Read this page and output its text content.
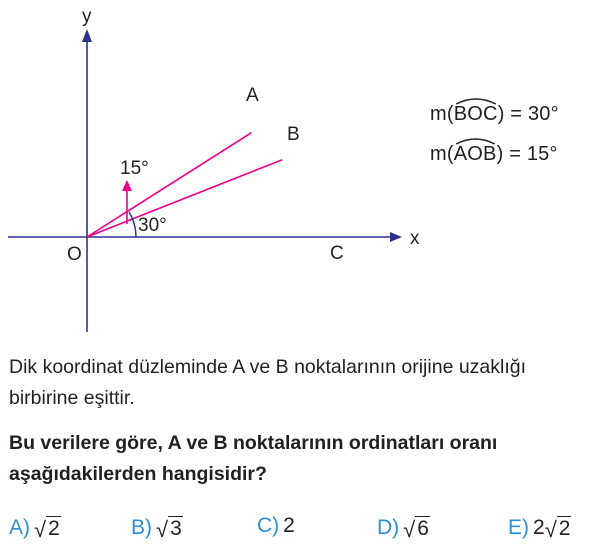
x
y
O
A
B
C
15°
30°
m(
BOC) = 30°
m(
AOB) = 15°
Dik koordinat düzleminde A ve B noktalarının orijine uzaklığı
birbirine eşittir.
Bu verilere göre, A ve B noktalarının ordinatları oranı
aşağıdakilerden hangisidir?
A) √ 2	B) √ 3	C) 2	D) √ 6	E) 2 √ 2
